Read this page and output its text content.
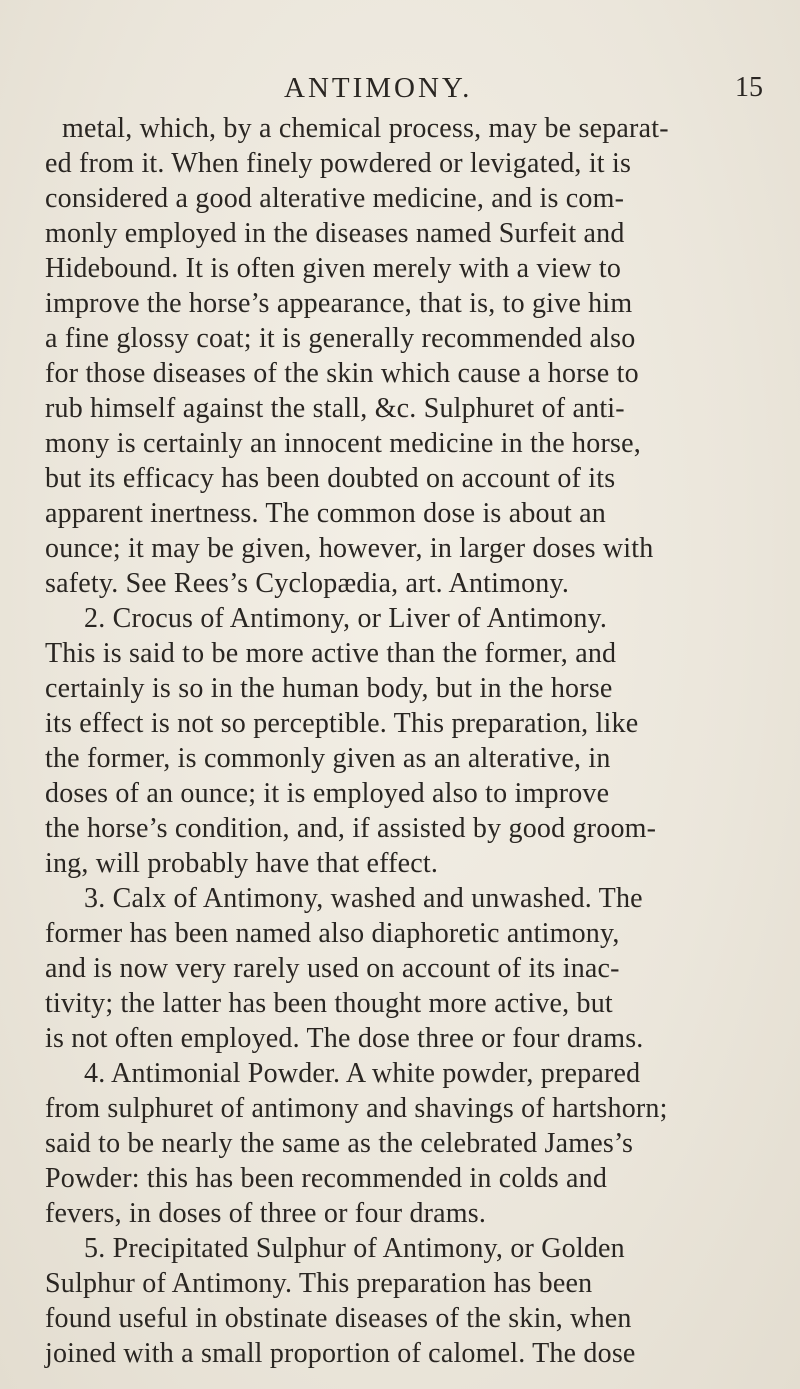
ANTIMONY.	15
metal, which, by a chemical process, may be separat-
ed from it. When finely powdered or levigated, it is
considered a good alterative medicine, and is com-
monly employed in the diseases named Surfeit and
Hidebound. It is often given merely with a view to
improve the horse’s appearance, that is, to give him
a fine glossy coat; it is generally recommended also
for those diseases of the skin which cause a horse to
rub himself against the stall, &c. Sulphuret of anti-
mony is certainly an innocent medicine in the horse,
but its efficacy has been doubted on account of its
apparent inertness. The common dose is about an
ounce; it may be given, however, in larger doses with
safety. See Rees’s Cyclopædia, art. Antimony.
2. Crocus of Antimony, or Liver of Antimony.
This is said to be more active than the former, and
certainly is so in the human body, but in the horse
its effect is not so perceptible. This preparation, like
the former, is commonly given as an alterative, in
doses of an ounce; it is employed also to improve
the horse’s condition, and, if assisted by good groom-
ing, will probably have that effect.
3. Calx of Antimony, washed and unwashed. The
former has been named also diaphoretic antimony,
and is now very rarely used on account of its inac-
tivity; the latter has been thought more active, but
is not often employed. The dose three or four drams.
4. Antimonial Powder. A white powder, prepared
from sulphuret of antimony and shavings of hartshorn;
said to be nearly the same as the celebrated James’s
Powder: this has been recommended in colds and
fevers, in doses of three or four drams.
5. Precipitated Sulphur of Antimony, or Golden
Sulphur of Antimony. This preparation has been
found useful in obstinate diseases of the skin, when
joined with a small proportion of calomel. The dose
